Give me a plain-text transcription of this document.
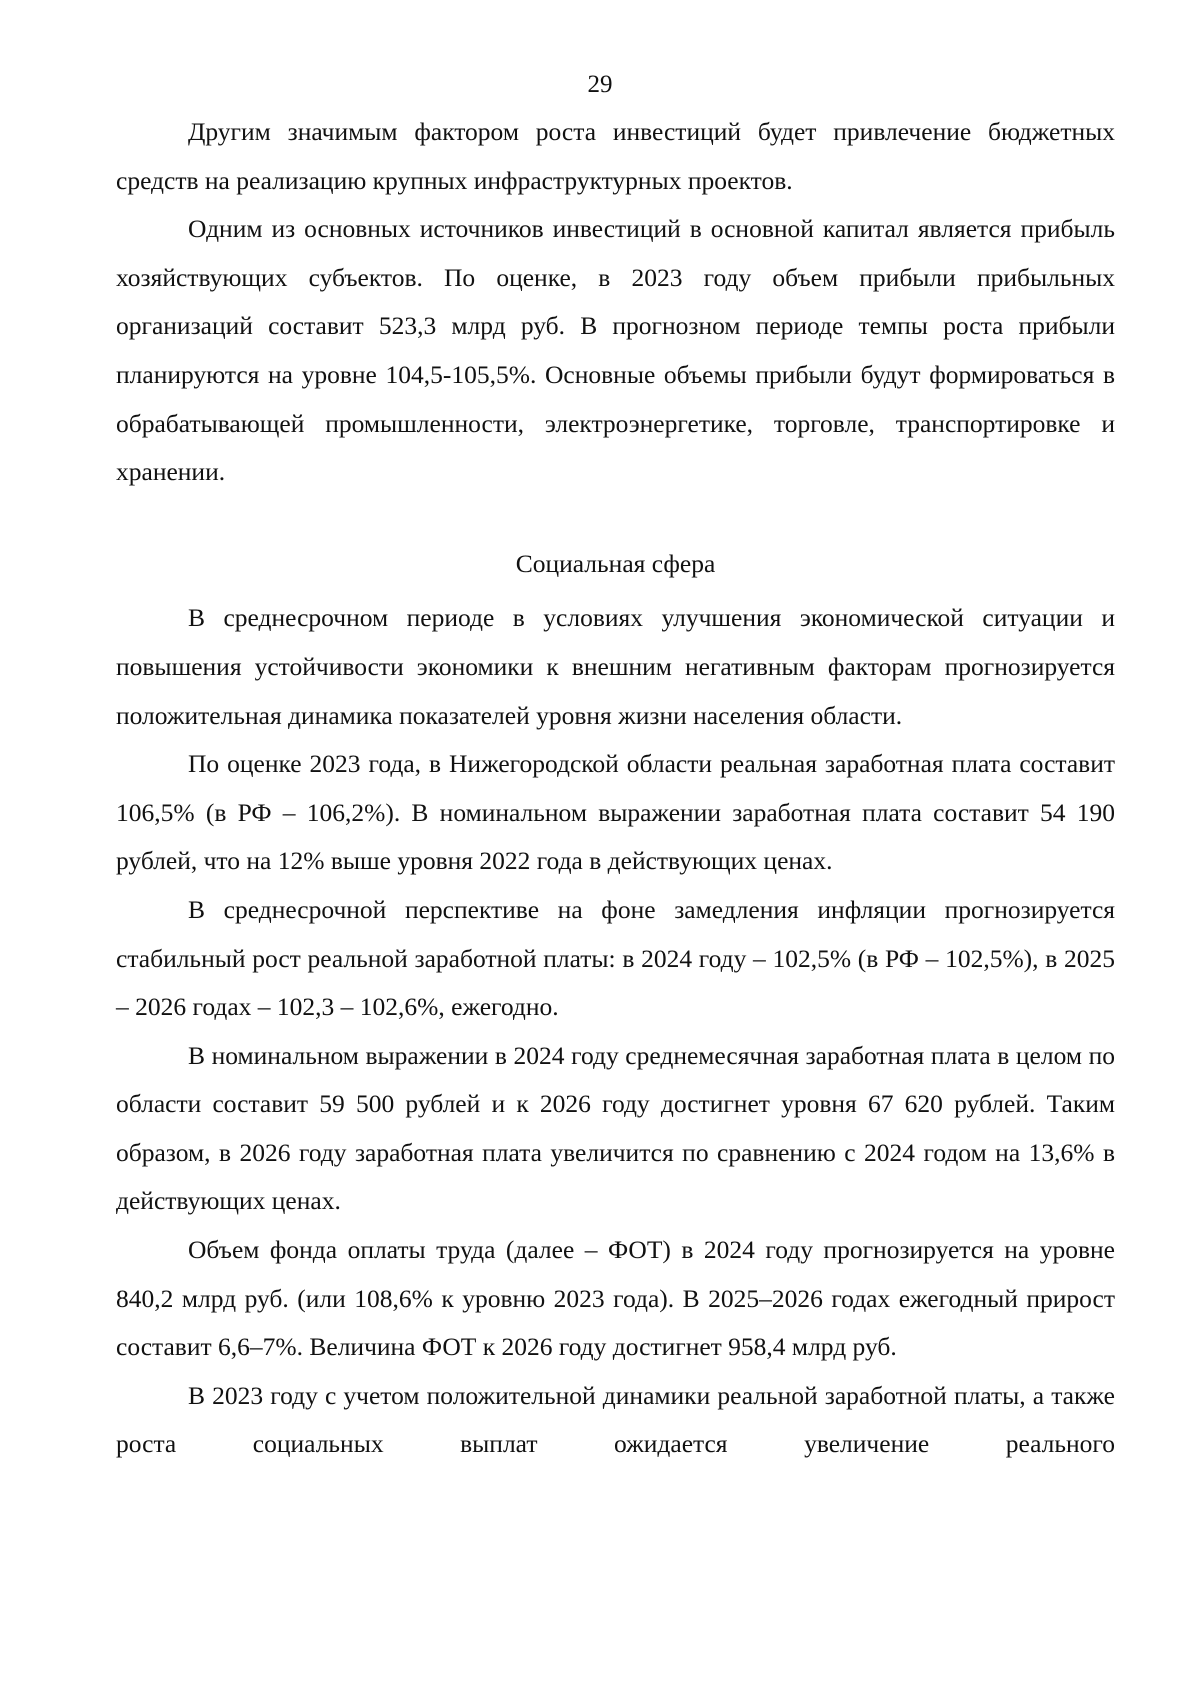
29

Другим значимым фактором роста инвестиций будет привлечение бюджетных средств на реализацию крупных инфраструктурных проектов.

Одним из основных источников инвестиций в основной капитал является прибыль хозяйствующих субъектов. По оценке, в 2023 году объем прибыли прибыльных организаций составит 523,3 млрд руб. В прогнозном периоде темпы роста прибыли планируются на уровне 104,5-105,5%. Основные объемы прибыли будут формироваться в обрабатывающей промышленности, электроэнергетике, торговле, транспортировке и хранении.

Социальная сфера

В среднесрочном периоде в условиях улучшения экономической ситуации и повышения устойчивости экономики к внешним негативным факторам прогнозируется положительная динамика показателей уровня жизни населения области.

По оценке 2023 года, в Нижегородской области реальная заработная плата составит 106,5% (в РФ – 106,2%). В номинальном выражении заработная плата составит 54 190 рублей, что на 12% выше уровня 2022 года в действующих ценах.

В среднесрочной перспективе на фоне замедления инфляции прогнозируется стабильный рост реальной заработной платы: в 2024 году – 102,5% (в РФ – 102,5%), в 2025 – 2026 годах – 102,3 – 102,6%, ежегодно.

В номинальном выражении в 2024 году среднемесячная заработная плата в целом по области составит 59 500 рублей и к 2026 году достигнет уровня 67 620 рублей. Таким образом, в 2026 году заработная плата увеличится по сравнению с 2024 годом на 13,6% в действующих ценах.

Объем фонда оплаты труда (далее – ФОТ) в 2024 году прогнозируется на уровне 840,2 млрд руб. (или 108,6% к уровню 2023 года). В 2025–2026 годах ежегодный прирост составит 6,6–7%. Величина ФОТ к 2026 году достигнет 958,4 млрд руб.

В 2023 году с учетом положительной динамики реальной заработной платы, а также роста социальных выплат ожидается увеличение реального
